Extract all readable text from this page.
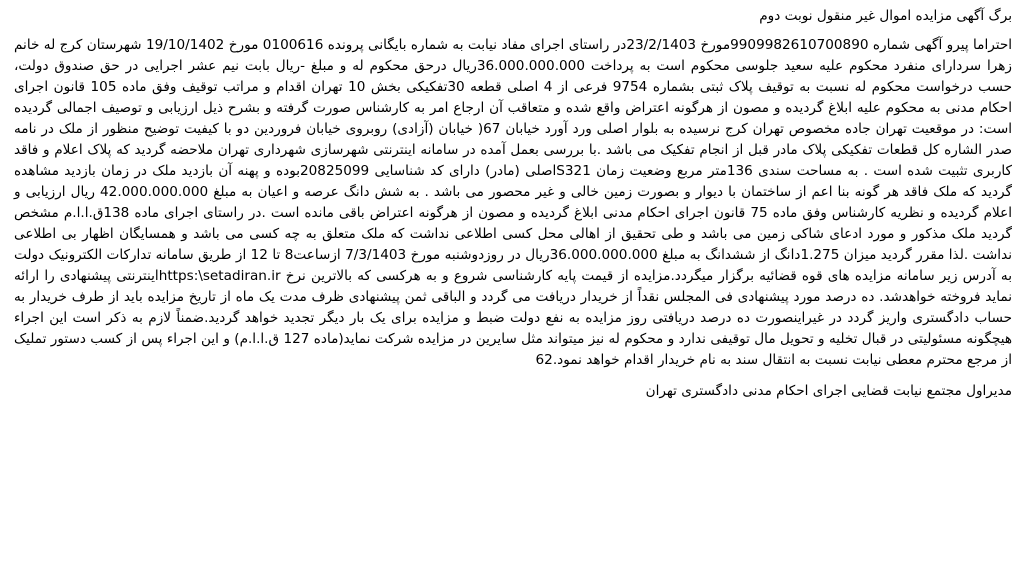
برگ آگهی مزایده اموال غیر منقول نوبت دوم

احتراما پیرو آگهی شماره 9909982610700890مورخ 23/2/1403در راستای اجرای مفاد نیابت به شماره بایگانی پرونده 0100616 مورخ 19/10/1402 شهرستان کرج له خانم زهرا سردارای منفرد محکوم علیه سعید جلوسی محکوم است به پرداخت 36.000.000.000ریال درحق محکوم له و مبلغ -ریال بابت نیم عشر اجرایی در حق صندوق دولت، حسب درخواست محکوم له نسبت به توقیف پلاک ثبتی بشماره 9754 فرعی از 4 اصلی قطعه 30تفکیکی بخش 10 تهران اقدام و مراتب توقیف وفق ماده 105 قانون اجرای احکام مدنی به محکوم علیه ابلاغ گردیده و مصون از هرگونه اعتراض واقع شده و متعاقب آن ارجاع امر به کارشناس صورت گرفته و بشرح ذیل ارزیابی و توصیف اجمالی گردیده است: در موقعیت تهران جاده مخصوص تهران کرج نرسیده به بلوار اصلی ورد آورد خیابان 67( خیابان (آزادی) روبروی خیابان فروردین دو با کیفیت توضیح منظور از ملک در نامه صدر الشاره کل قطعات تفکیکی پلاک مادر قبل از انجام تفکیک می باشد .با بررسی بعمل آمده در سامانه اینترنتی شهرسازی شهرداری تهران ملاحضه گردید که پلاک اعلام و فاقد کاربری تثبیت شده است . به مساحت سندی 136متر مربع وضعیت زمان S321اصلی (مادر) دارای کد شناسایی 20825099بوده و پهنه آن بازدید ملک در زمان بازدید مشاهده گردید که ملک فاقد هر گونه بنا اعم از ساختمان با دیوار و بصورت زمین خالی و غیر محصور می باشد . به شش دانگ عرصه و اعیان به مبلغ 42.000.000.000 ریال ارزیابی و اعلام گردیده و نظریه کارشناس وفق ماده 75 قانون اجرای احکام مدنی ابلاغ گردیده و مصون از هرگونه اعتراض باقی مانده است .در راستای اجرای ماده 138ق.ا.ا.م مشخص گردید ملک مذکور و مورد ادعای شاکی زمین می باشد و طی تحقیق از اهالی محل کسی اطلاعی نداشت که ملک متعلق به چه کسی می باشد و همسایگان اظهار بی اطلاعی نداشت .لذا مقرر گردید میزان 1.275دانگ از ششدانگ به مبلغ 36.000.000.000ریال در روزدوشنبه مورخ 7/3/1403 ازساعت8 تا 12 از طریق سامانه تدارکات الکترونیک دولت به آدرس زیر سامانه مزایده های قوه قضائیه برگزار میگردد.مزایده از قیمت پایه کارشناسی شروع و به هرکسی که بالاترین نرخ https:\setadiran.irاینترنتی پیشنهادی را ارائه نماید فروخته خواهدشد. ده درصد مورد پیشنهادی فی المجلس نقداً از خریدار دریافت می گردد و الباقی ثمن پیشنهادی ظرف مدت یک ماه از تاریخ مزایده باید از طرف خریدار به حساب دادگستری واریز گردد در غیراینصورت ده درصد دریافتی روز مزایده به نفع دولت ضبط و مزایده برای یک بار دیگر تجدید خواهد گردید.ضمناً لازم به ذکر است این اجراء هیچگونه مسئولیتی در قبال تخلیه و تحویل مال توقیفی ندارد و محکوم له نیز میتواند مثل سایرین در مزایده شرکت نماید(ماده 127 ق.ا.ا.م) و این اجراء پس از کسب دستور تملیک از مرجع محترم معطی نیابت نسبت به انتقال سند به نام خریدار اقدام خواهد نمود.62

مدیراول مجتمع نیابت قضایی اجرای احکام مدنی دادگستری تهران
